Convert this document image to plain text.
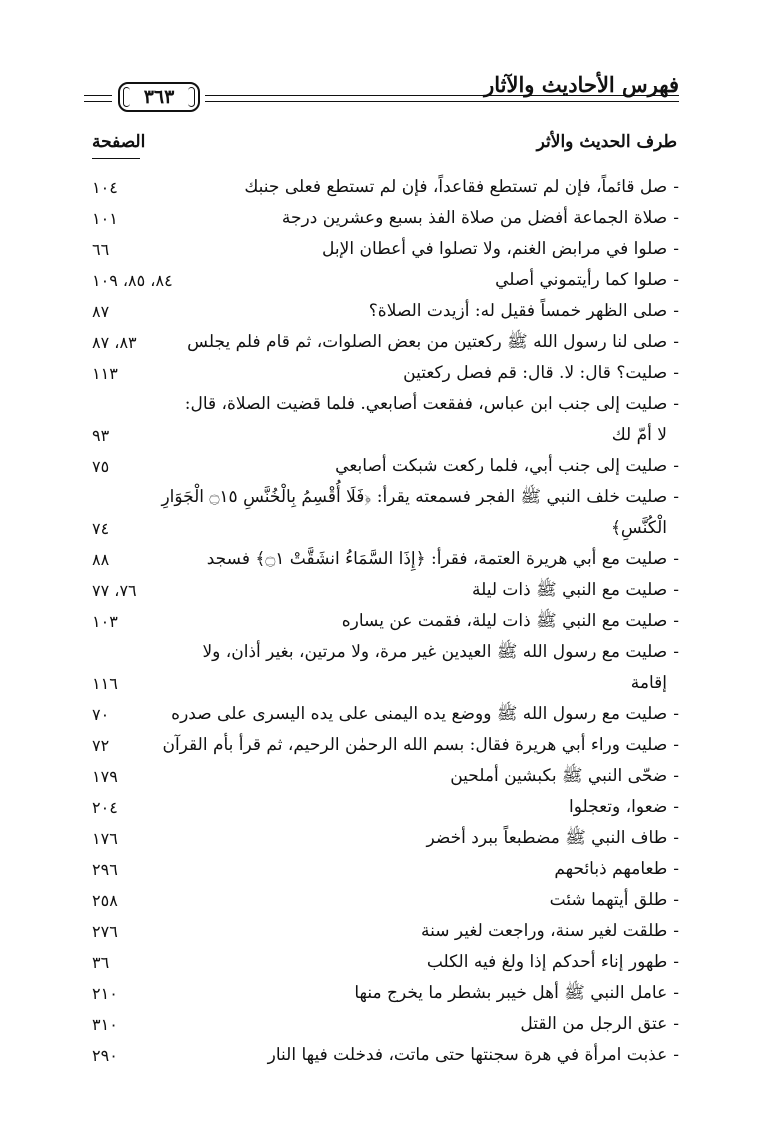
فهرس الأحاديث والآثار
٣٦٣
طرف الحديث والأثر
الصفحة
-صل قائماً، فإن لم تستطع فقاعداً، فإن لم تستطع فعلى جنبك
١٠٤
-صلاة الجماعة أفضل من صلاة الفذ بسبع وعشرين درجة
١٠١
-صلوا في مرابض الغنم، ولا تصلوا في أعطان الإبل
٦٦
-صلوا كما رأيتموني أصلي
٨٤، ٨٥، ١٠٩
-صلى الظهر خمساً فقيل له: أزيدت الصلاة؟
٨٧
-صلى لنا رسول الله ﷺ ركعتين من بعض الصلوات، ثم قام فلم يجلس
٨٣، ٨٧
-صليت؟ قال: لا. قال: قم فصل ركعتين
١١٣
-صليت إلى جنب ابن عباس، ففقعت أصابعي. فلما قضيت الصلاة، قال:
لا أمّ لك
٩٣
-صليت إلى جنب أبي، فلما ركعت شبكت أصابعي
٧٥
-صليت خلف النبي ﷺ الفجر فسمعته يقرأ: ﴿فَلَا أُقْسِمُ بِالْخُنَّسِ ۝١٥ الْجَوَارِ
الْكُنَّسِ﴾
٧٤
-صليت مع أبي هريرة العتمة، فقرأ: ﴿إِذَا السَّمَاءُ انشَقَّتْ ۝١﴾ فسجد
٨٨
-صليت مع النبي ﷺ ذات ليلة
٧٦، ٧٧
-صليت مع النبي ﷺ ذات ليلة، فقمت عن يساره
١٠٣
-صليت مع رسول الله ﷺ العيدين غير مرة، ولا مرتين، بغير أذان، ولا
إقامة
١١٦
-صليت مع رسول الله ﷺ ووضع يده اليمنى على يده اليسرى على صدره
٧٠
-صليت وراء أبي هريرة فقال: بسم الله الرحمٰن الرحيم، ثم قرأ بأم القرآن
٧٢
-ضحّى النبي ﷺ بكبشين أملحين
١٧٩
-ضعوا، وتعجلوا
٢٠٤
-طاف النبي ﷺ مضطبعاً ببرد أخضر
١٧٦
-طعامهم ذبائحهم
٢٩٦
-طلق أيتهما شئت
٢٥٨
-طلقت لغير سنة، وراجعت لغير سنة
٢٧٦
-طهور إناء أحدكم إذا ولغ فيه الكلب
٣٦
-عامل النبي ﷺ أهل خيبر بشطر ما يخرج منها
٢١٠
-عتق الرجل من القتل
٣١٠
-عذبت امرأة في هرة سجنتها حتى ماتت، فدخلت فيها النار
٢٩٠
